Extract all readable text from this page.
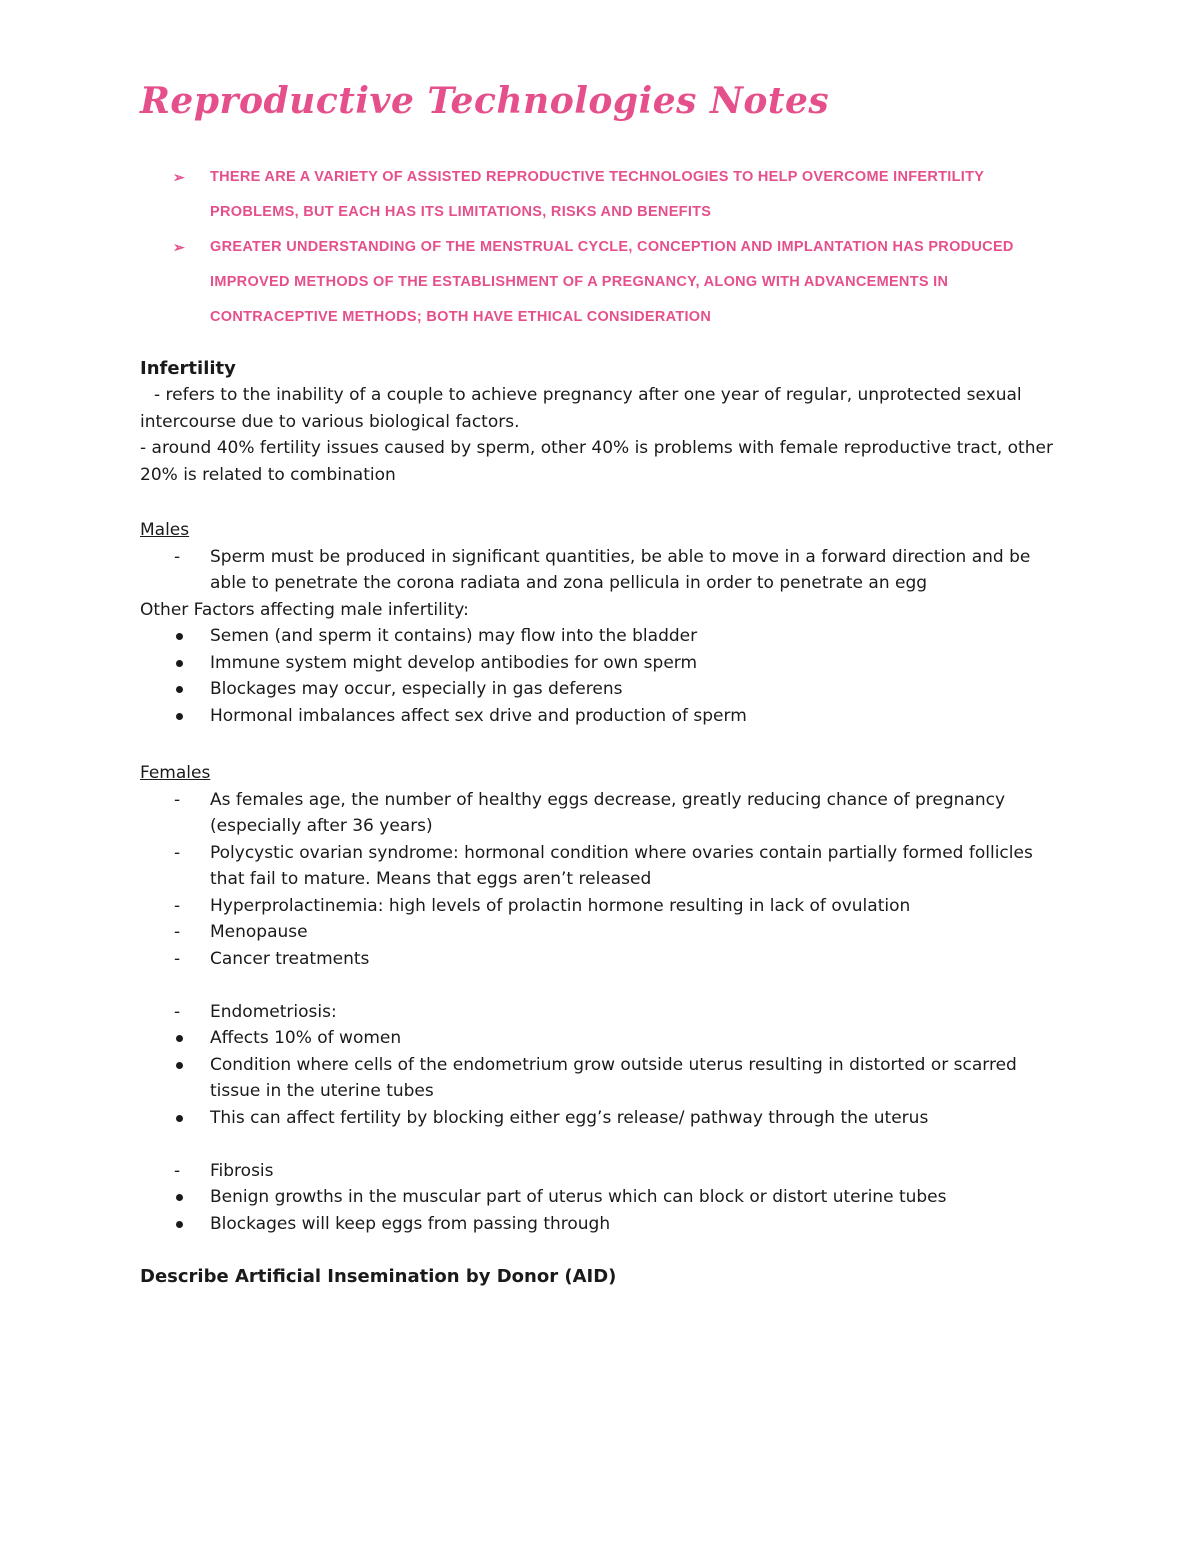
Reproductive Technologies Notes
➢ THERE ARE A VARIETY OF ASSISTED REPRODUCTIVE TECHNOLOGIES TO HELP OVERCOME INFERTILITY PROBLEMS, BUT EACH HAS ITS LIMITATIONS, RISKS AND BENEFITS
➢ GREATER UNDERSTANDING OF THE MENSTRUAL CYCLE, CONCEPTION AND IMPLANTATION HAS PRODUCED IMPROVED METHODS OF THE ESTABLISHMENT OF A PREGNANCY, ALONG WITH ADVANCEMENTS IN CONTRACEPTIVE METHODS; BOTH HAVE ETHICAL CONSIDERATION
Infertility

- refers to the inability of a couple to achieve pregnancy after one year of regular, unprotected sexual intercourse due to various biological factors.

- around 40% fertility issues caused by sperm, other 40% is problems with female reproductive tract, other 20% is related to combination

Males

- Sperm must be produced in significant quantities, be able to move in a forward direction and be able to penetrate the corona radiata and zona pellicula in order to penetrate an egg

Other Factors affecting male infertility:

Semen (and sperm it contains) may flow into the bladder
Immune system might develop antibodies for own sperm
Blockages may occur, especially in gas deferens
Hormonal imbalances affect sex drive and production of sperm

Females

- As females age, the number of healthy eggs decrease, greatly reducing chance of pregnancy (especially after 36 years)
- Polycystic ovarian syndrome: hormonal condition where ovaries contain partially formed follicles that fail to mature. Means that eggs aren’t released
- Hyperprolactinemia: high levels of prolactin hormone resulting in lack of ovulation
- Menopause
- Cancer treatments
- Endometriosis:
Affects 10% of women
Condition where cells of the endometrium grow outside uterus resulting in distorted or scarred tissue in the uterine tubes
This can affect fertility by blocking either egg’s release/ pathway through the uterus
- Fibrosis
Benign growths in the muscular part of uterus which can block or distort uterine tubes
Blockages will keep eggs from passing through
Describe Artificial Insemination by Donor (AID)
